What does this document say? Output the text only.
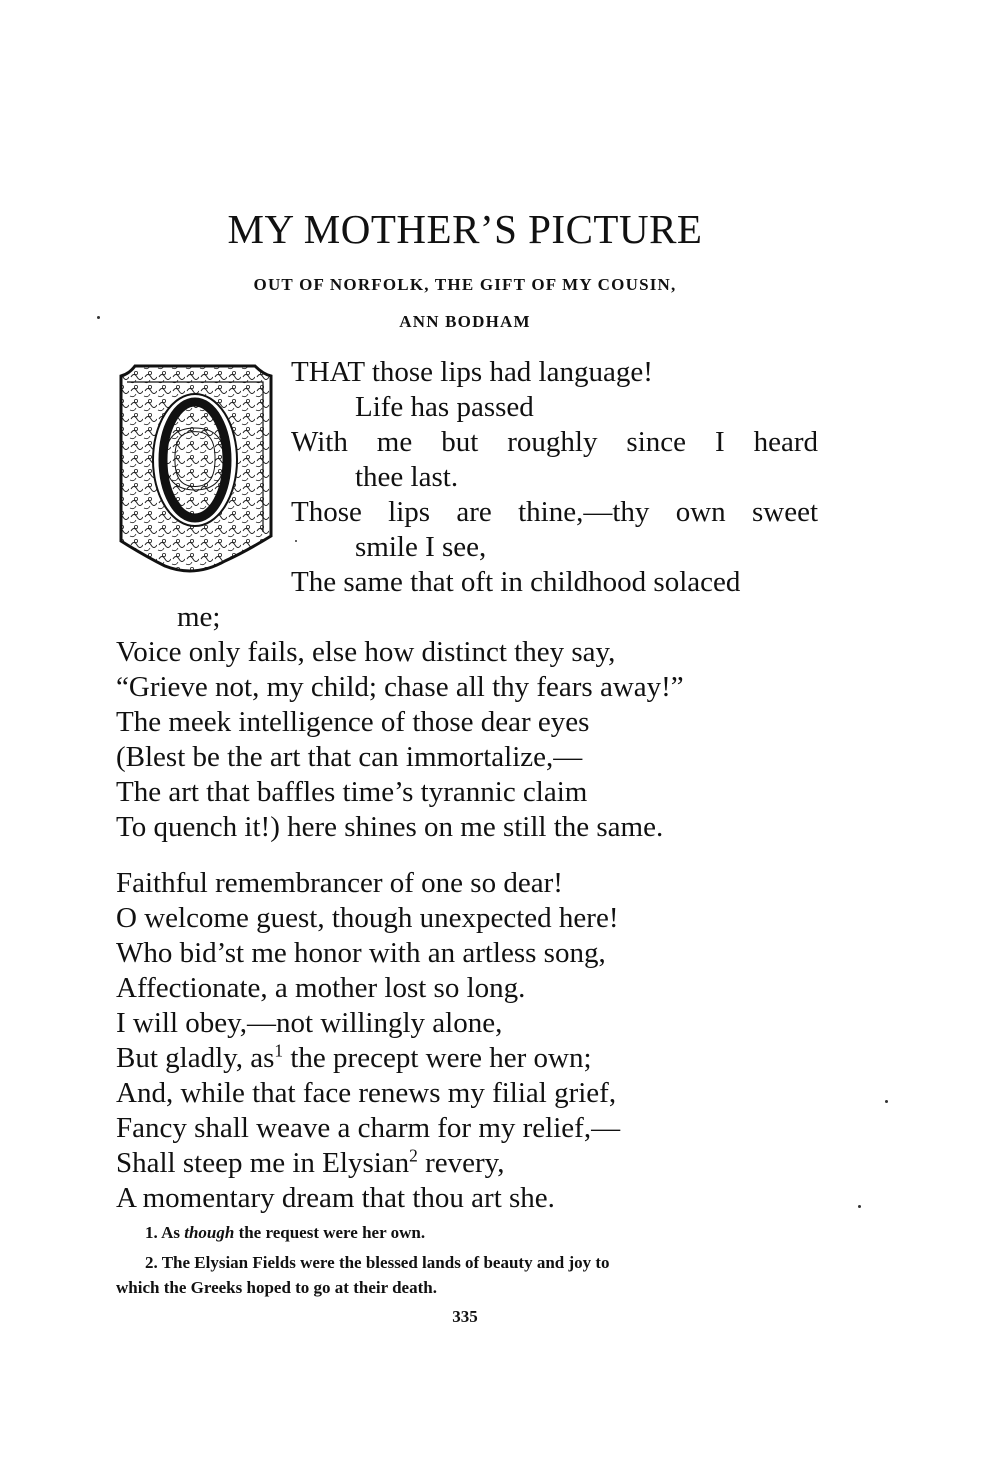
MY MOTHER’S PICTURE
OUT OF NORFOLK, THE GIFT OF MY COUSIN,
ANN BODHAM
O
THAT those lips had language!
Life has passed
With me but roughly since I heard
thee last.
Those lips are thine,—thy own sweet
smile I see,
The same that oft in childhood solaced
me;
Voice only fails, else how distinct they say,
“Grieve not, my child; chase all thy fears away!”
The meek intelligence of those dear eyes
(Blest be the art that can immortalize,—
The art that baffles time’s tyrannic claim
To quench it!) here shines on me still the same.
Faithful remembrancer of one so dear!
O welcome guest, though unexpected here!
Who bid’st me honor with an artless song,
Affectionate, a mother lost so long.
I will obey,—not willingly alone,
But gladly, $as^1$ the precept were her own;
And, while that face renews my filial grief,
Fancy shall weave a charm for my relief,—
Shall steep me in Elysian$^2$ revery,
A momentary dream that thou art she.
1. As though the request were her own.
2. The Elysian Fields were the blessed lands of beauty and joy to
which the Greeks hoped to go at their death.
335
